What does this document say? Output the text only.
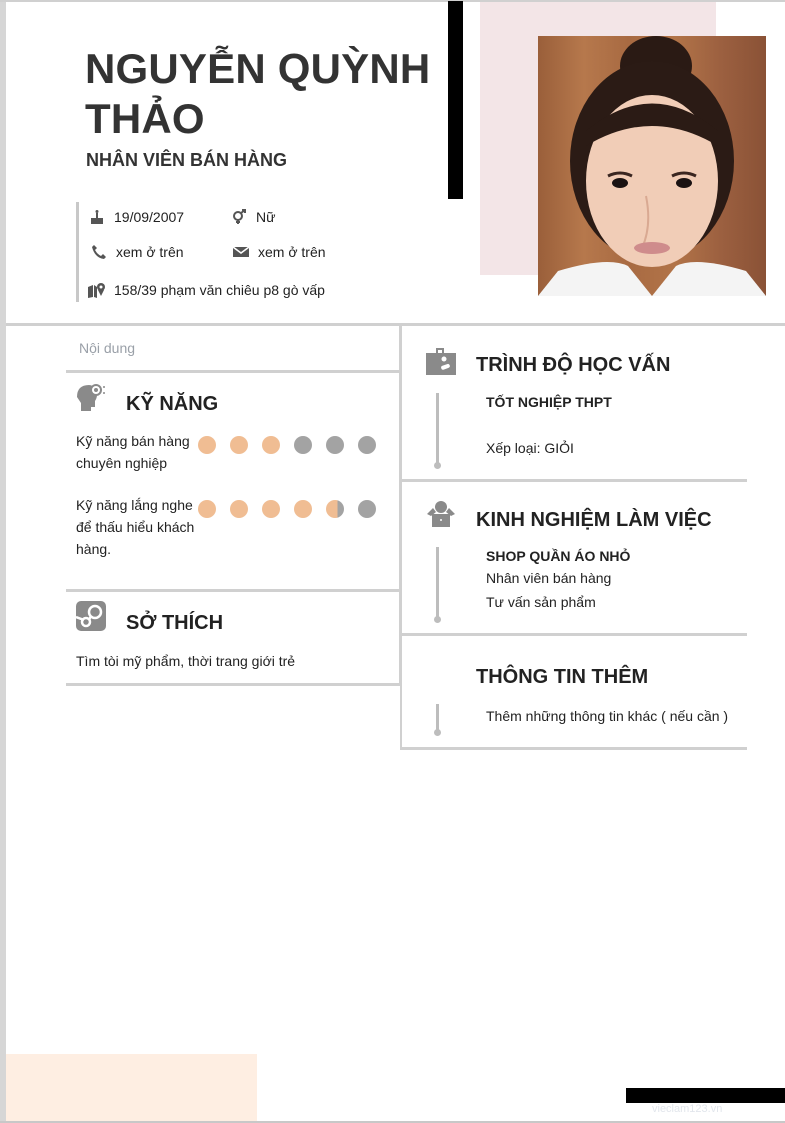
NGUYỄN QUỲNH
THẢO
NHÂN VIÊN BÁN HÀNG
19/09/2007	Nữ
xem ở trên	xem ở trên
158/39 phạm văn chiêu p8 gò vấp
Nội dung
KỸ NĂNG
Kỹ năng bán hàng chuyên nghiệp
Kỹ năng lắng nghe để thấu hiểu khách hàng.
SỞ THÍCH
Tìm tòi mỹ phẩm, thời trang giới trẻ
TRÌNH ĐỘ HỌC VẤN
TỐT NGHIỆP THPT
Xếp loại: GIỎI
KINH NGHIỆM LÀM VIỆC
SHOP QUẦN ÁO NHỎ
Nhân viên bán hàng
Tư vấn sản phẩm
THÔNG TIN THÊM
Thêm những thông tin khác ( nếu cần )
vieclam123.vn
